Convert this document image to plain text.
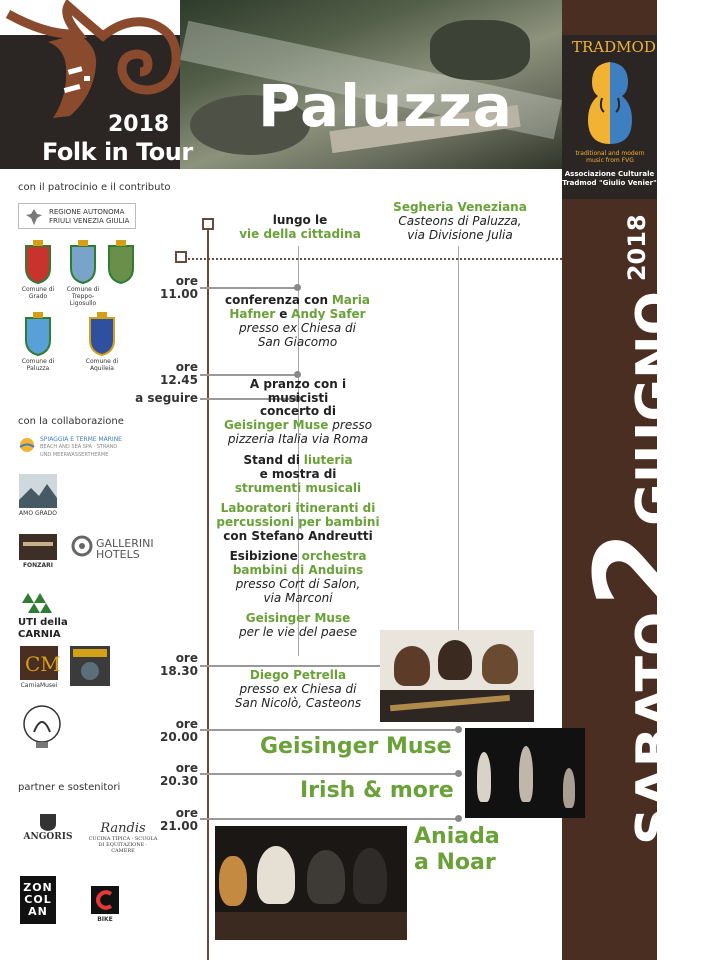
Paluzza
2018
Folk in Tour
TRADMOD
traditional and modern music from FVG
Associazione Culturale Tradmod "Giulio Venier"
SABATO
2
GIUGNO
2018
con il patrocinio e il contributo
REGIONE AUTONOMA
FRIULI VENEZIA GIULIA
Comune di Grado
Comune di Treppo-Ligosullo
Comune di Paluzza
Comune di Aquileia
con la collaborazione
SPIAGGIA E TERME MARINE
BEACH AND SEA SPA · STRAND UND MEERWASSERTHERME
AMO GRADO
FONZARI
GALLERINI HOTELS
UTI della CARNIA
CM
CarniaMusei
partner e sostenitori
ANGORIS
Randis
CUCINA TIPICA · SCUOLA DI EQUITAZIONE · CAMERE
ZONCOLAN
BIKE
lungo le
vie della cittadina
Segheria Veneziana
Casteons di Paluzza,
via Divisione Julia
ore
11.00
ore
12.45
a seguire
ore
18.30
ore
20.00
ore
20.30
ore
21.00
conferenza con Maria
Hafner e Andy Safer
presso ex Chiesa di
San Giacomo
A pranzo con i musicisti
concerto di
Geisinger Muse presso
pizzeria Italia via Roma
Stand di liuteria
e mostra di
strumenti musicali
Laboratori itineranti di
percussioni per bambini
con Stefano Andreutti
Esibizione orchestra
bambini di Anduins
presso Cort di Salon,
via Marconi
Geisinger Muse
per le vie del paese
Diego Petrella
presso ex Chiesa di
San Nicolò, Casteons
Geisinger Muse
Irish & more
Aniada
a Noar
